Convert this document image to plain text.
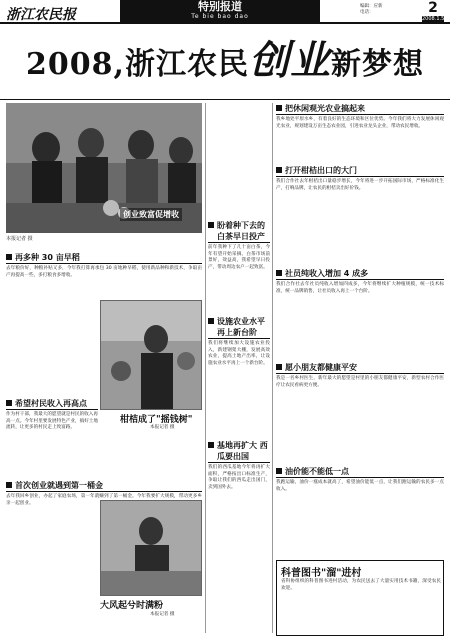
浙江农民报
特别报道
Te bie bao dao
编辑：应新
电话：	2
2008.1.5
2008,浙江农民创业新梦想
创业致富促增收
本报记者 摄
把休闲观光农业搞起来
我乡地处平原水乡，有着良好的生态环境和区位优势。今年我们将大力发展休闲观光农业，规划建设万亩生态农业园，引进农业龙头企业，带动农民增收。
打开柑桔出口的大门
我们合作社去年柑桔出口量稳步增长，今年将进一步开拓国际市场，严格标准化生产，打响品牌，让农民的柑桔卖出好价钱。
再多种 30 亩早稻
去年粮价好，种粮补贴又多，今年我打算再承包 30 亩地种早稻，使用新品种和新技术，争取亩产再提高一些，多打粮食多增收。
盼着种下去的白茶早日投产
前年我种下了几十亩白茶，今年有望开始采摘。白茶市场前景好，效益高，我希望早日投产，带动周边农户一起致富。
社员纯收入增加 4 成多
我们合作社去年社员纯收入增加四成多，今年将继续扩大种植规模，统一技术标准，统一品牌销售，让社员收入再上一个台阶。
柑桔成了"摇钱树"
本报记者 摄
希望村民收入再高点
作为村干部，我最大的愿望就是村民的收入再高一点。今年村里要发展特色产业，搞好土地流转，让更多的村民走上致富路。
设施农业水平再上新台阶
我们将继续加大设施农业投入，新建钢架大棚，发展高效农业，提高土地产出率，让设施农业水平再上一个新台阶。	愿小朋友都健康平安
我是一名乡村医生，新年最大的愿望是村里的小朋友都健康平安，新型农村合作医疗让农民看病更方便。
首次创业就遇到第一桶金
去年我回乡创业，办起了家庭农场，第一年就赚到了第一桶金。今年我要扩大规模，带动更多乡亲一起创业。
基地再扩大 西瓜要出国
我们的西瓜基地今年将再扩大面积，严格按出口标准生产，争取让我们的西瓜走出国门，卖到国外去。
油价能不能低一点
我跑运输，油价一涨成本就高了，希望油价能低一点，让我们跑运输的农民多一点收入。
大风起兮时满粉
本报记者 摄
科普图书"溜"进村
省科协组织的科普图书进村活动，为农民送去了大量实用技术书籍，深受农民欢迎。
